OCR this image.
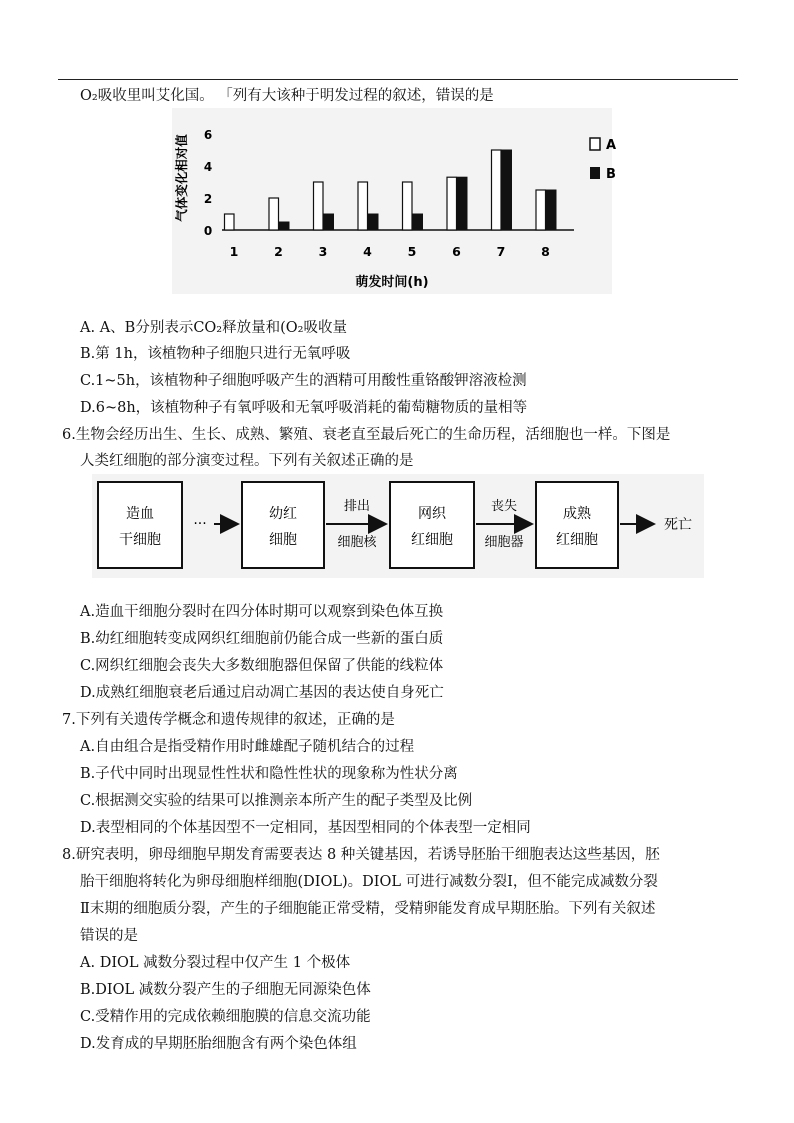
O₂吸收里叫艾化国。 「列有大该种于明发过程的叙述，错误的是
0
2
4
6
气体变化相对值
1	2	3	4	5	6	7	8
萌发时间(h)
A
B
A. A、B分别表示CO₂释放量和(O₂吸收量
B.第 1h，该植物种子细胞只进行无氧呼吸
C.1~5h，该植物种子细胞呼吸产生的酒精可用酸性重铬酸钾溶液检测
D.6~8h，该植物种子有氧呼吸和无氧呼吸消耗的葡萄糖物质的量相等
6.生物会经历出生、生长、成熟、繁殖、衰老直至最后死亡的生命历程，活细胞也一样。下图是
人类红细胞的部分演变过程。下列有关叙述正确的是
造血
干细胞
···
幼红
细胞
排出
细胞核
网织
红细胞
丧失
细胞器
成熟
红细胞
死亡
A.造血干细胞分裂时在四分体时期可以观察到染色体互换
B.幼红细胞转变成网织红细胞前仍能合成一些新的蛋白质
C.网织红细胞会丧失大多数细胞器但保留了供能的线粒体
D.成熟红细胞衰老后通过启动凋亡基因的表达使自身死亡
7.下列有关遗传学概念和遗传规律的叙述，正确的是
A.自由组合是指受精作用时雌雄配子随机结合的过程
B.子代中同时出现显性性状和隐性性状的现象称为性状分离
C.根据测交实验的结果可以推测亲本所产生的配子类型及比例
D.表型相同的个体基因型不一定相同，基因型相同的个体表型一定相同
8.研究表明，卵母细胞早期发育需要表达 8 种关键基因，若诱导胚胎干细胞表达这些基因，胚
胎干细胞将转化为卵母细胞样细胞(DIOL)。DIOL 可进行减数分裂Ⅰ，但不能完成减数分裂
Ⅱ末期的细胞质分裂，产生的子细胞能正常受精，受精卵能发育成早期胚胎。下列有关叙述
错误的是
A. DIOL 减数分裂过程中仅产生 1 个极体
B.DIOL 减数分裂产生的子细胞无同源染色体
C.受精作用的完成依赖细胞膜的信息交流功能
D.发育成的早期胚胎细胞含有两个染色体组
